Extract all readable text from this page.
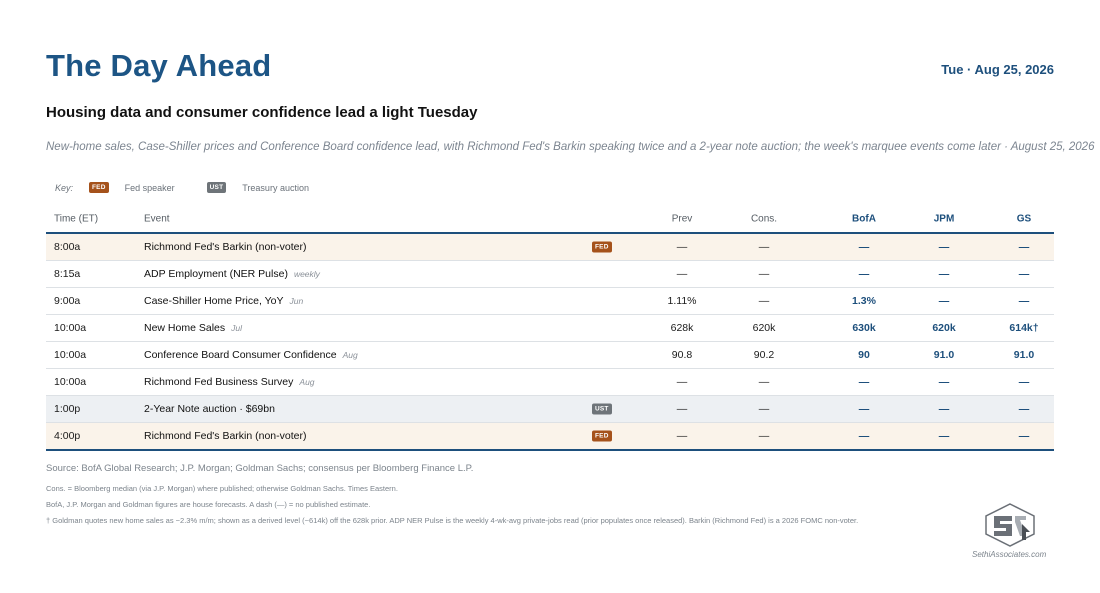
The Day Ahead	Tue · Aug 25, 2026
Housing data and consumer confidence lead a light Tuesday
New-home sales, Case-Shiller prices and Conference Board confidence lead, with Richmond Fed's Barkin speaking twice and a 2-year note auction; the week's marquee events come later · August 25, 2026
Key:	FED	Fed speaker	UST	Treasury auction
Time (ET)	Event	Prev	Cons.	BofA	JPM	GS
8:00a	Richmond Fed's Barkin (non-voter)	FED	—	—	—	—	—
8:15a	ADP Employment (NER Pulse) weekly	—	—	—	—	—
9:00a	Case-Shiller Home Price, YoY Jun	1.11%	—	1.3%	—	—
10:00a	New Home Sales Jul	628k	620k	630k	620k	614k†
10:00a	Conference Board Consumer Confidence Aug	90.8	90.2	90	91.0	91.0
10:00a	Richmond Fed Business Survey Aug	—	—	—	—	—
1:00p	2-Year Note auction · $69bn	UST	—	—	—	—	—
4:00p	Richmond Fed's Barkin (non-voter)	FED	—	—	—	—	—
Source: BofA Global Research; J.P. Morgan; Goldman Sachs; consensus per Bloomberg Finance L.P.
Cons. = Bloomberg median (via J.P. Morgan) where published; otherwise Goldman Sachs. Times Eastern.
BofA, J.P. Morgan and Goldman figures are house forecasts. A dash (—) = no published estimate.
† Goldman quotes new home sales as −2.3% m/m; shown as a derived level (~614k) off the 628k prior. ADP NER Pulse is the weekly 4-wk-avg private-jobs read (prior populates once released). Barkin (Richmond Fed) is a 2026 FOMC non-voter.
SethiAssociates.com
